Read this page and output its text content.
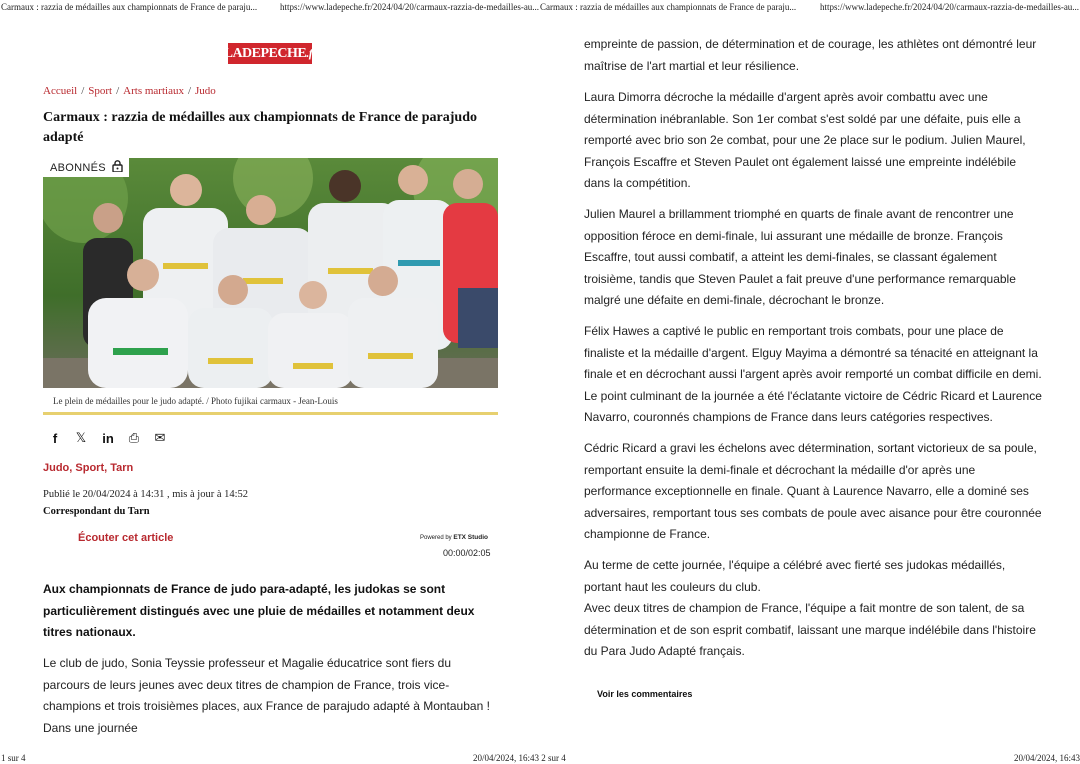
Carmaux : razzia de médailles aux championnats de France de paraju...	https://www.ladepeche.fr/2024/04/20/carmaux-razzia-de-medailles-au... Carmaux : razzia de médailles aux championnats de France de paraju...	https://www.ladepeche.fr/2024/04/20/carmaux-razzia-de-medailles-au...
LADEPECHE .fr
Accueil / Sport / Arts martiaux / Judo
Carmaux : razzia de médailles aux championnats de France de parajudo adapté
ABONNÉS
Le plein de médailles pour le judo adapté. / Photo fujikai carmaux - Jean-Louis
f 𝕏 in ⎙ ✉
Judo, Sport, Tarn
Publié le 20/04/2024 à 14:31 , mis à jour à 14:52
Correspondant du Tarn
Écouter cet article	Powered by ETX Studio
00:00/02:05
Aux championnats de France de judo para-adapté, les judokas se sont particulièrement distingués avec une pluie de médailles et notamment deux titres nationaux.
Le club de judo, Sonia Teyssie professeur et Magalie éducatrice sont fiers du parcours de leurs jeunes avec deux titres de champion de France, trois vice-champions et trois troisièmes places, aux France de parajudo adapté à Montauban ! Dans une journée
empreinte de passion, de détermination et de courage, les athlètes ont démontré leur maîtrise de l'art martial et leur résilience.
Laura Dimorra décroche la médaille d'argent après avoir combattu avec une détermination inébranlable. Son 1er combat s'est soldé par une défaite, puis elle a remporté avec brio son 2e combat, pour une 2e place sur le podium. Julien Maurel, François Escaffre et Steven Paulet ont également laissé une empreinte indélébile dans la compétition.
Julien Maurel a brillamment triomphé en quarts de finale avant de rencontrer une opposition féroce en demi-finale, lui assurant une médaille de bronze. François Escaffre, tout aussi combatif, a atteint les demi-finales, se classant également troisième, tandis que Steven Paulet a fait preuve d'une performance remarquable malgré une défaite en demi-finale, décrochant le bronze.
Félix Hawes a captivé le public en remportant trois combats, pour une place de finaliste et la médaille d'argent. Elguy Mayima a démontré sa ténacité en atteignant la finale et en décrochant aussi l'argent après avoir remporté un combat difficile en demi. Le point culminant de la journée a été l'éclatante victoire de Cédric Ricard et Laurence Navarro, couronnés champions de France dans leurs catégories respectives.
Cédric Ricard a gravi les échelons avec détermination, sortant victorieux de sa poule, remportant ensuite la demi-finale et décrochant la médaille d'or après une performance exceptionnelle en finale. Quant à Laurence Navarro, elle a dominé ses adversaires, remportant tous ses combats de poule avec aisance pour être couronnée championne de France.
Au terme de cette journée, l'équipe a célébré avec fierté ses judokas médaillés, portant haut les couleurs du club.
Avec deux titres de champion de France, l'équipe a fait montre de son talent, de sa détermination et de son esprit combatif, laissant une marque indélébile dans l'histoire du Para Judo Adapté français.
Voir les commentaires
1 sur 4	20/04/2024, 16:43 2 sur 4	20/04/2024, 16:43
